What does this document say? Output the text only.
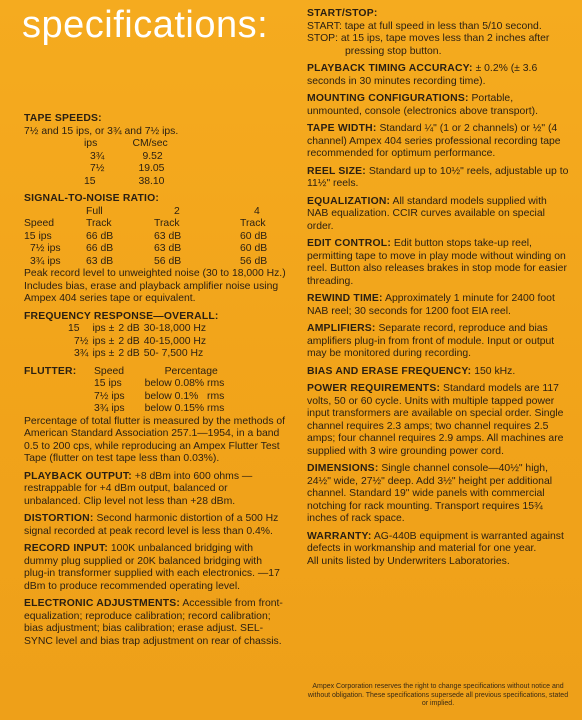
specifications:
TAPE SPEEDS:
7½ and 15 ips, or 3¾ and 7½ ips.
ips	CM/sec
3¾	9.52
7½	19.05
15	38.10
SIGNAL-TO-NOISE RATIO:
	Full	2	4
Speed	Track	Track	Track
15 ips	66 dB	63 dB	60 dB
7½ ips	66 dB	63 dB	60 dB
3¾ ips	63 dB	56 dB	56 dB
Peak record level to unweighted noise (30 to 18,000 Hz.) Includes bias, erase and playback amplifier noise using Ampex 404 series tape or equivalent.
FREQUENCY RESPONSE—OVERALL:
15	ips ±	2 dB	30-18,000 Hz
7½	ips ±	2 dB	40-15,000 Hz
3¾	ips ±	2 dB	50- 7,500 Hz
FLUTTER:	Speed	Percentage
	15 ips	below 0.08% rms
	7½ ips	below 0.1%   rms
	3¾ ips	below 0.15% rms
Percentage of total flutter is measured by the methods of American Standard Association 257.1—1954, in a band 0.5 to 200 cps, while reproducing an Ampex Flutter Test Tape (flutter on test tape less than 0.03%).
PLAYBACK OUTPUT: +8 dBm into 600 ohms —restrappable for +4 dBm output, balanced or unbalanced. Clip level not less than +28 dBm.
DISTORTION: Second harmonic distortion of a 500 Hz signal recorded at peak record level is less than 0.4%.
RECORD INPUT: 100K unbalanced bridging with dummy plug supplied or 20K balanced bridging with plug-in transformer supplied with each electronics. —17 dBm to produce recommended operating level.
ELECTRONIC ADJUSTMENTS: Accessible from front-equalization; reproduce calibration; record calibration; bias adjustment; bias calibration; erase adjust. SEL-SYNC level and bias trap adjustment on rear of chassis.
START/STOP:
START: tape at full speed in less than 5/10 second.
STOP: at 15 ips, tape moves less than 2 inches after pressing stop button.
PLAYBACK TIMING ACCURACY: ± 0.2% (± 3.6 seconds in 30 minutes recording time).
MOUNTING CONFIGURATIONS: Portable, unmounted, console (electronics above transport).
TAPE WIDTH: Standard ¼" (1 or 2 channels) or ½" (4 channel) Ampex 404 series professional recording tape recommended for optimum performance.
REEL SIZE: Standard up to 10½" reels, adjustable up to 11½" reels.
EQUALIZATION: All standard models supplied with NAB equalization. CCIR curves available on special order.
EDIT CONTROL: Edit button stops take-up reel, permitting tape to move in play mode without winding on reel. Button also releases brakes in stop mode for easier threading.
REWIND TIME: Approximately 1 minute for 2400 foot NAB reel; 30 seconds for 1200 foot EIA reel.
AMPLIFIERS: Separate record, reproduce and bias amplifiers plug-in from front of module. Input or output may be monitored during recording.
BIAS AND ERASE FREQUENCY: 150 kHz.
POWER REQUIREMENTS: Standard models are 117 volts, 50 or 60 cycle. Units with multiple tapped power input transformers are available on special order. Single channel requires 2.3 amps; two channel requires 2.5 amps; four channel requires 2.9 amps. All machines are supplied with 3 wire grounding power cord.
DIMENSIONS: Single channel console—40½" high, 24½" wide, 27½" deep. Add 3½" height per additional channel. Standard 19" wide panels with commercial notching for rack mounting. Transport requires 15¾ inches of rack space.
WARRANTY: AG-440B equipment is warranted against defects in workmanship and material for one year.
All units listed by Underwriters Laboratories.
Ampex Corporation reserves the right to change specifications without notice and without obligation. These specifications supersede all previous specifications, stated or implied.
